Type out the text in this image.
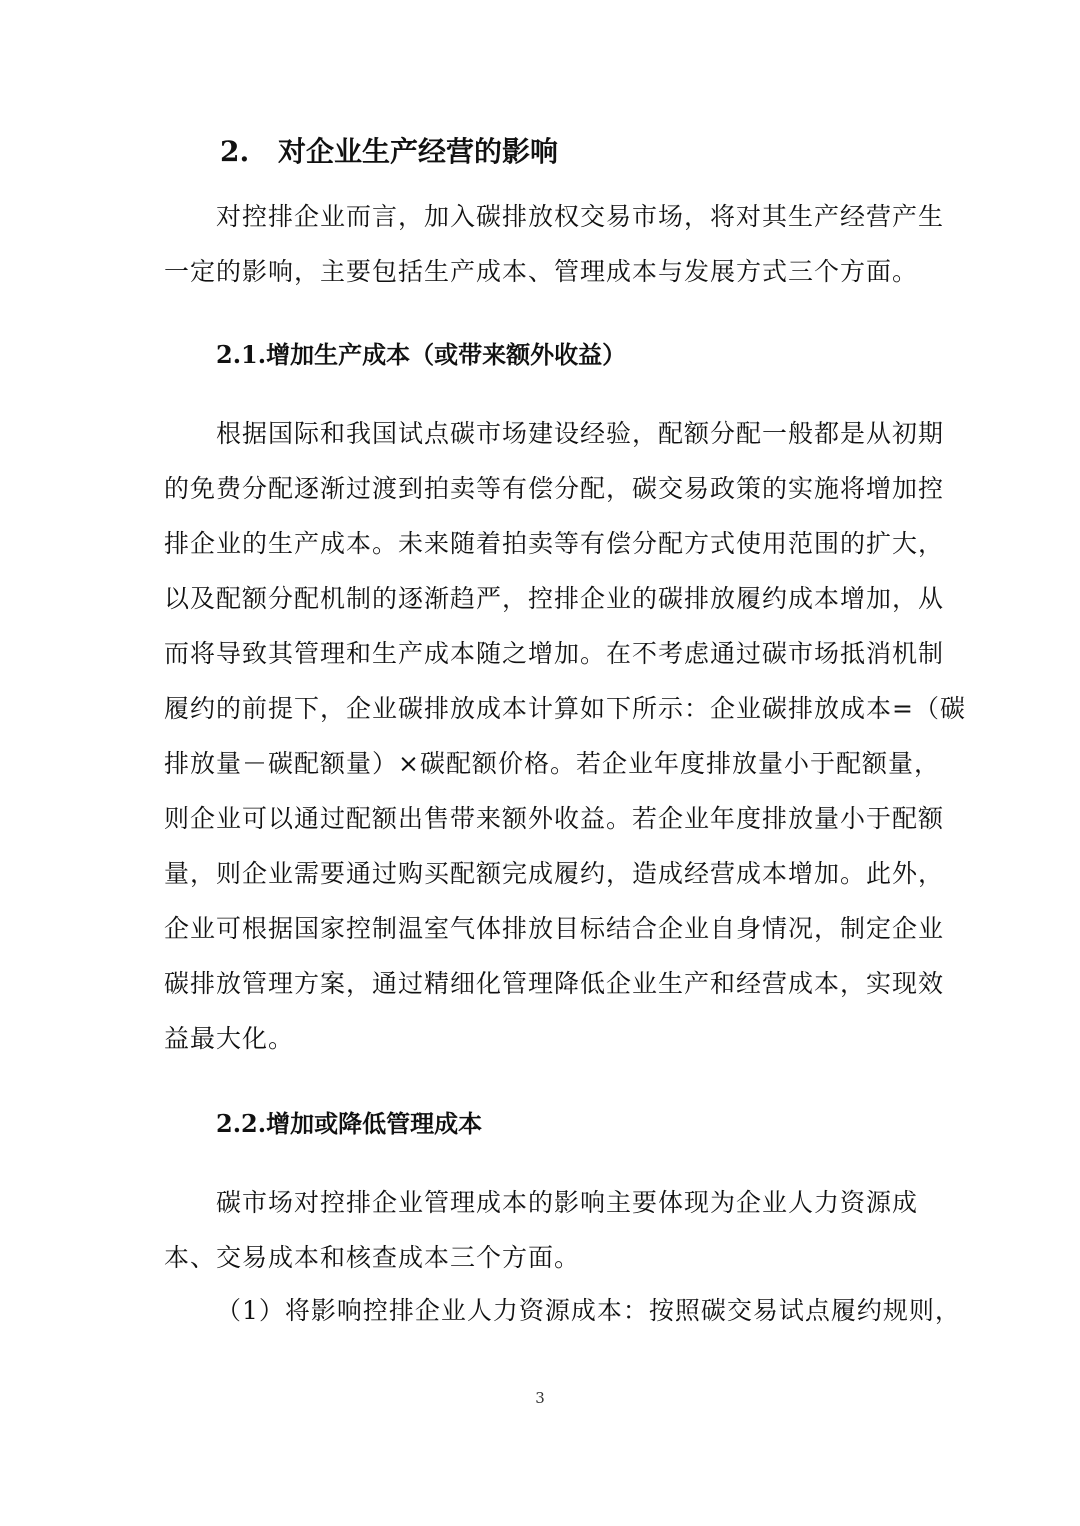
2. 对企业生产经营的影响
对控排企业而言，加入碳排放权交易市场，将对其生产经营产生
一定的影响，主要包括生产成本、管理成本与发展方式三个方面。
2.1.增加生产成本（或带来额外收益）
根据国际和我国试点碳市场建设经验，配额分配一般都是从初期
的免费分配逐渐过渡到拍卖等有偿分配，碳交易政策的实施将增加控
排企业的生产成本。未来随着拍卖等有偿分配方式使用范围的扩大，
以及配额分配机制的逐渐趋严，控排企业的碳排放履约成本增加，从
而将导致其管理和生产成本随之增加。在不考虑通过碳市场抵消机制
履约的前提下，企业碳排放成本计算如下所示：企业碳排放成本=（碳
排放量－碳配额量）×碳配额价格。若企业年度排放量小于配额量，
则企业可以通过配额出售带来额外收益。若企业年度排放量小于配额
量，则企业需要通过购买配额完成履约，造成经营成本增加。此外，
企业可根据国家控制温室气体排放目标结合企业自身情况，制定企业
碳排放管理方案，通过精细化管理降低企业生产和经营成本，实现效
益最大化。
2.2.增加或降低管理成本
碳市场对控排企业管理成本的影响主要体现为企业人力资源成
本、交易成本和核查成本三个方面。
（1）将影响控排企业人力资源成本：按照碳交易试点履约规则，
3
